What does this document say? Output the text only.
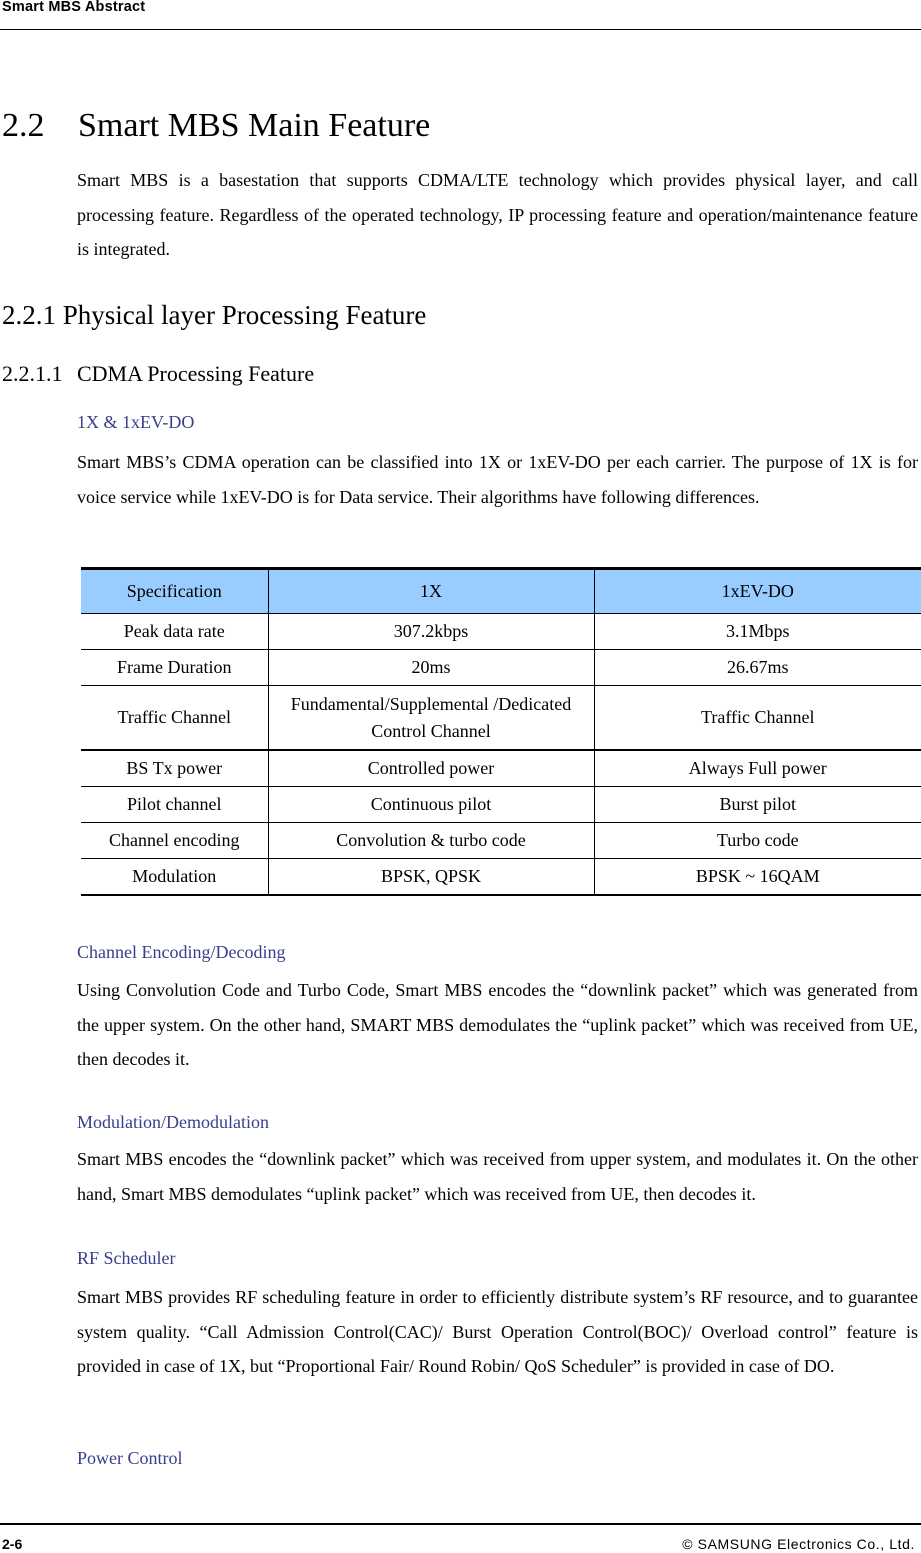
Smart MBS Abstract
2.2 Smart MBS Main Feature

Smart MBS is a basestation that supports CDMA/LTE technology which provides physical layer, and call processing feature. Regardless of the operated technology, IP processing feature and operation/maintenance feature is integrated.

2.2.1 Physical layer Processing Feature
2.2.1.1 CDMA Processing Feature
1X & 1xEV-DO

Smart MBS’s CDMA operation can be classified into 1X or 1xEV-DO per each carrier. The purpose of 1X is for voice service while 1xEV-DO is for Data service. Their algorithms have following differences.

Specification	1X	1xEV-DO
Peak data rate	307.2kbps	3.1Mbps
Frame Duration	20ms	26.67ms
Traffic Channel	Fundamental/Supplemental /Dedicated Control Channel	Traffic Channel
BS Tx power	Controlled power	Always Full power
Pilot channel	Continuous pilot	Burst pilot
Channel encoding	Convolution & turbo code	Turbo code
Modulation	BPSK, QPSK	BPSK ~ 16QAM
Channel Encoding/Decoding

Using Convolution Code and Turbo Code, Smart MBS encodes the “downlink packet” which was generated from the upper system. On the other hand, SMART MBS demodulates the “uplink packet” which was received from UE, then decodes it.

Modulation/Demodulation

Smart MBS encodes the “downlink packet” which was received from upper system, and modulates it. On the other hand, Smart MBS demodulates “uplink packet” which was received from UE, then decodes it.

RF Scheduler

Smart MBS provides RF scheduling feature in order to efficiently distribute system’s RF resource, and to guarantee system quality. “Call Admission Control(CAC)/ Burst Operation Control(BOC)/ Overload control” feature is provided in case of 1X, but “Proportional Fair/ Round Robin/ QoS Scheduler” is provided in case of DO.

Power Control
2-6	© SAMSUNG Electronics Co., Ltd.
